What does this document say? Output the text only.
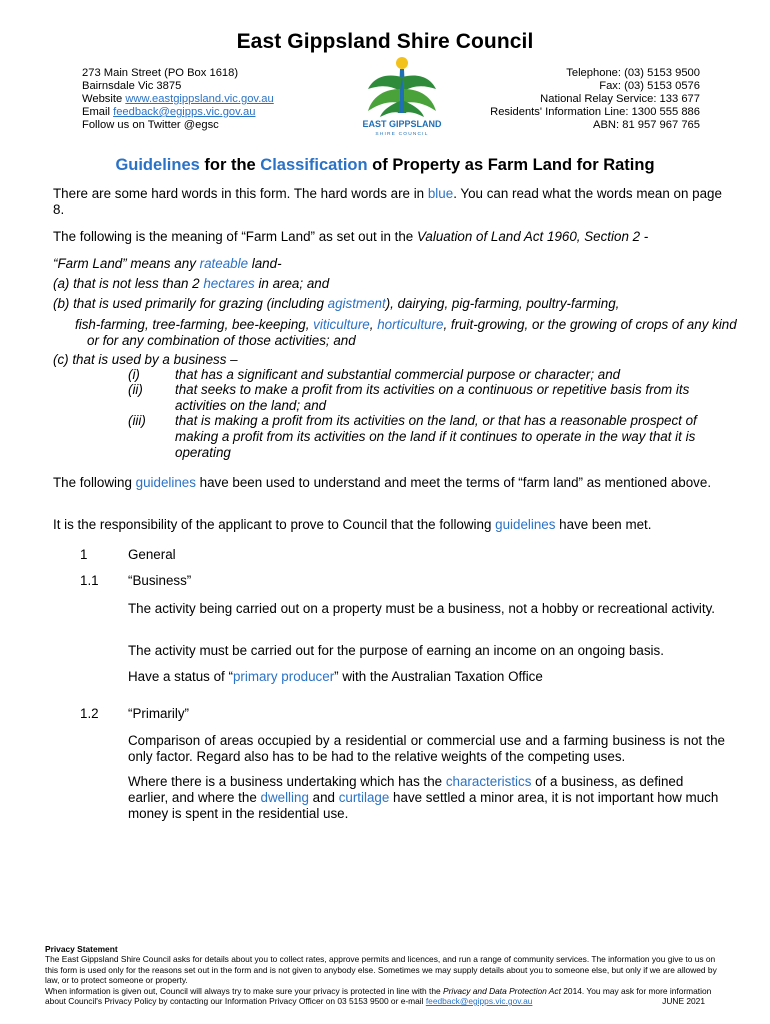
East Gippsland Shire Council
273 Main Street (PO Box 1618)
Bairnsdale Vic 3875
Website www.eastgippsland.vic.gov.au
Email feedback@egipps.vic.gov.au
Follow us on Twitter @egsc	EAST GIPPSLAND
SHIRE COUNCIL
Telephone: (03) 5153 9500
Fax: (03) 5153 0576
National Relay Service: 133 677
Residents' Information Line: 1300 555 886
ABN: 81 957 967 765
Guidelines for the Classification of Property as Farm Land for Rating
There are some hard words in this form. The hard words are in blue. You can read what the words mean on page 8.
The following is the meaning of “Farm Land” as set out in the Valuation of Land Act 1960, Section 2 -
“Farm Land” means any rateable land-
(a) that is not less than 2 hectares in area; and
(b) that is used primarily for grazing (including agistment), dairying, pig-farming, poultry-farming,
fish-farming, tree-farming, bee-keeping, viticulture, horticulture, fruit-growing, or the growing of crops of any kind or for any combination of those activities; and
(c) that is used by a business –
(i)	that has a significant and substantial commercial purpose or character; and
(ii)	that seeks to make a profit from its activities on a continuous or repetitive basis from its activities on the land; and
(iii)	that is making a profit from its activities on the land, or that has a reasonable prospect of making a profit from its activities on the land if it continues to operate in the way that it is operating
The following guidelines have been used to understand and meet the terms of “farm land” as mentioned above.
It is the responsibility of the applicant to prove to Council that the following guidelines have been met.
1	General
1.1 “Business”
The activity being carried out on a property must be a business, not a hobby or recreational activity.
The activity must be carried out for the purpose of earning an income on an ongoing basis.
Have a status of “primary producer” with the Australian Taxation Office
1.2 “Primarily”
Comparison of areas occupied by a residential or commercial use and a farming business is not the only factor. Regard also has to be had to the relative weights of the competing uses.
Where there is a business undertaking which has the characteristics of a business, as defined earlier, and where the dwelling and curtilage have settled a minor area, it is not important how much money is spent in the residential use.
Privacy Statement
The East Gippsland Shire Council asks for details about you to collect rates, approve permits and licences, and run a range of community services. The information you give to us on this form is used only for the reasons set out in the form and is not given to anybody else. Sometimes we may supply details about you to someone else, but only if we are allowed by law, or to protect someone or property.
When information is given out, Council will always try to make sure your privacy is protected in line with the Privacy and Data Protection Act 2014. You may ask for more information about Council's Privacy Policy by contacting our Information Privacy Officer on 03 5153 9500 or e-mail feedback@egipps.vic.gov.au	JUNE 2021
